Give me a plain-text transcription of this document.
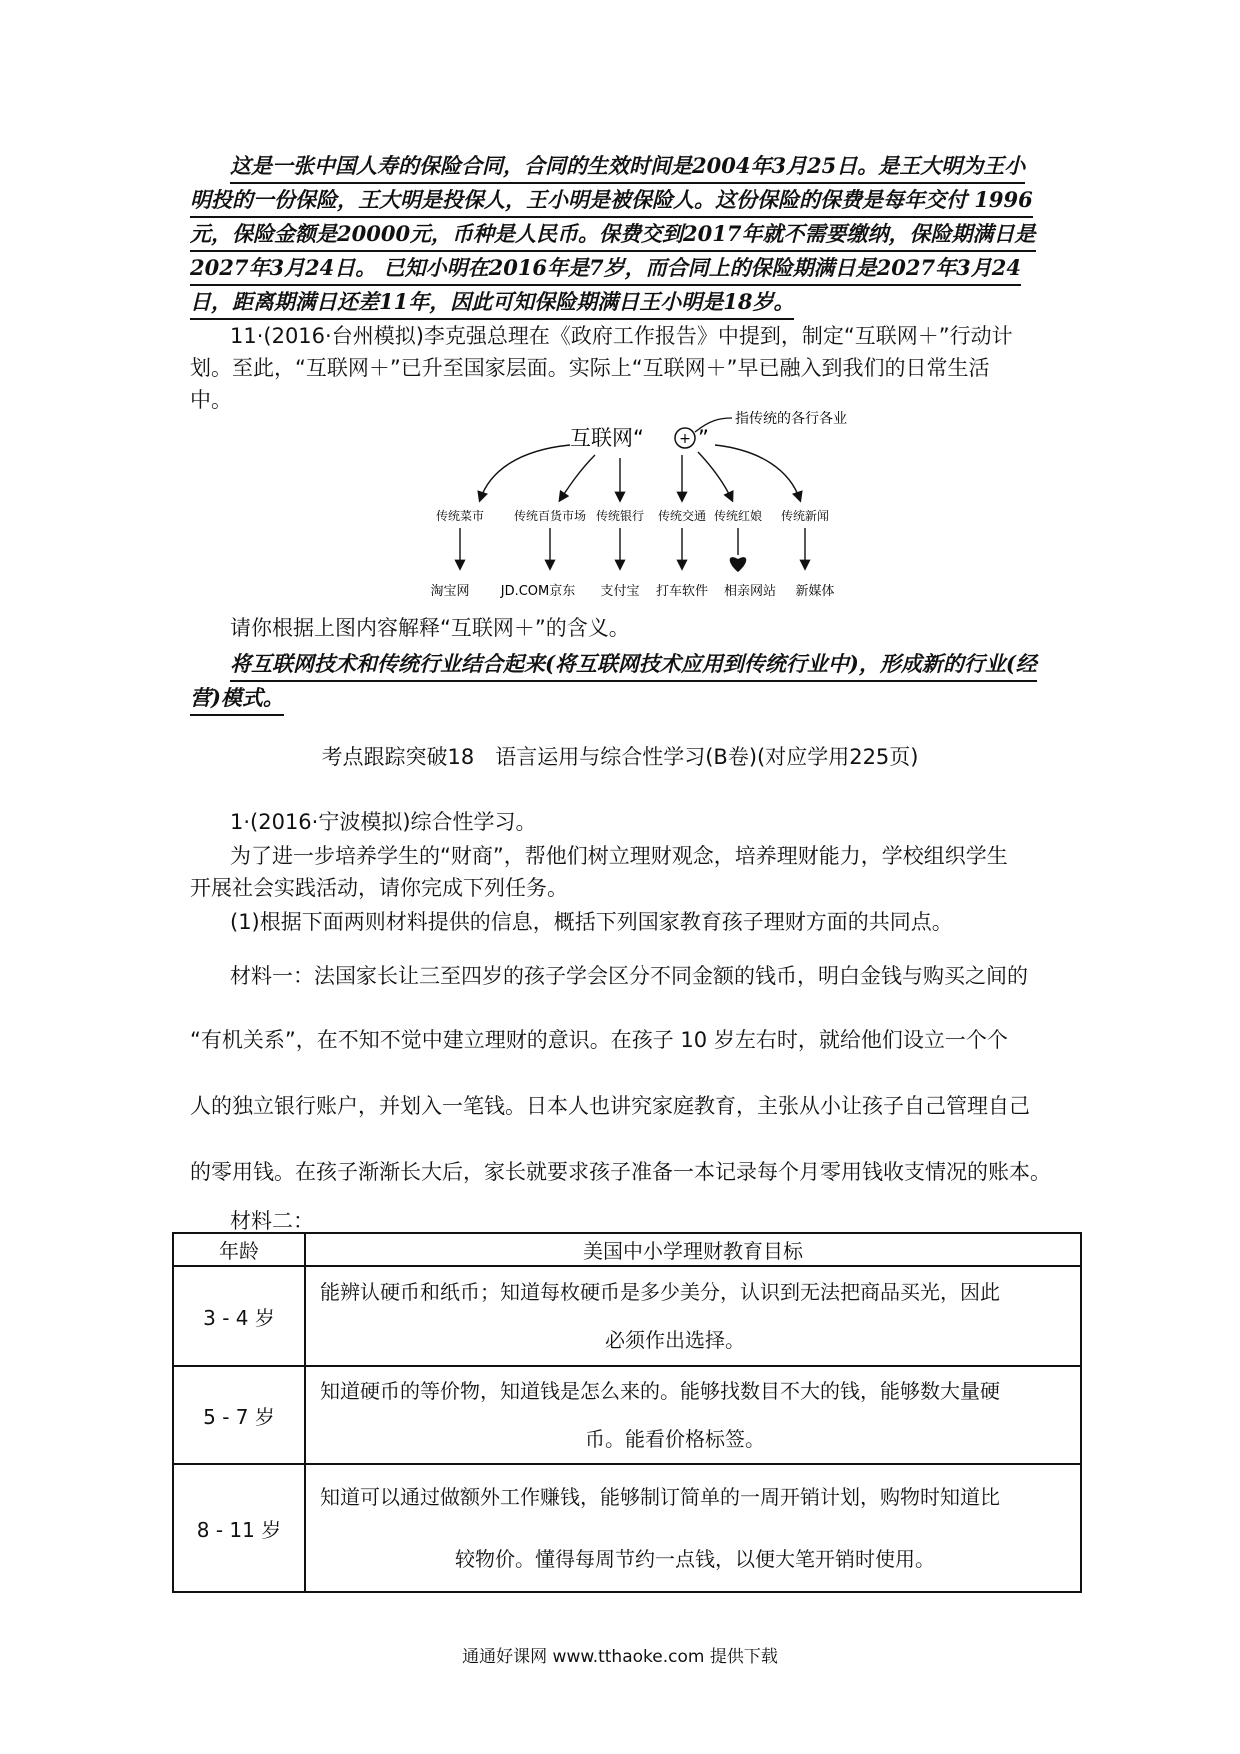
这是一张中国人寿的保险合同，合同的生效时间是2004年3月25日。是王大明为王小
明投的一份保险，王大明是投保人，王小明是被保险人。这份保险的保费是每年交付 1996
元，保险金额是20000元，币种是人民币。保费交到2017年就不需要缴纳，保险期满日是
2027年3月24日。 已知小明在2016年是7岁，而合同上的保险期满日是2027年3月24
日，距离期满日还差11年，因此可知保险期满日王小明是18岁。
11·(2016·台州模拟)李克强总理在《政府工作报告》中提到，制定“互联网＋”行动计
划。至此，“互联网＋”已升至国家层面。实际上“互联网＋”早已融入到我们的日常生活
中。
互联网“	+ ”
指传统的各行各业
传统菜市 传统百货市场 传统银行 传统交通 传统红娘 传统新闻
淘宝网 JD.COM京东 支付宝 打车软件 相亲网站 新媒体
请你根据上图内容解释“互联网＋”的含义。
将互联网技术和传统行业结合起来(将互联网技术应用到传统行业中)，形成新的行业(经
营)模式。
考点跟踪突破18　语言运用与综合性学习(B卷)(对应学用225页)
1·(2016·宁波模拟)综合性学习。
为了进一步培养学生的“财商”，帮他们树立理财观念，培养理财能力，学校组织学生
开展社会实践活动，请你完成下列任务。
(1)根据下面两则材料提供的信息，概括下列国家教育孩子理财方面的共同点。
材料一：法国家长让三至四岁的孩子学会区分不同金额的钱币，明白金钱与购买之间的
“有机关系”，在不知不觉中建立理财的意识。在孩子 10 岁左右时，就给他们设立一个个
人的独立银行账户，并划入一笔钱。日本人也讲究家庭教育，主张从小让孩子自己管理自己
的零用钱。在孩子渐渐长大后，家长就要求孩子准备一本记录每个月零用钱收支情况的账本。
材料二：
年龄	美国中小学理财教育目标
3 - 4 岁	能辨认硬币和纸币；知道每枚硬币是多少美分，认识到无法把商品买光，因此
必须作出选择。

5 - 7 岁	知道硬币的等价物，知道钱是怎么来的。能够找数目不大的钱，能够数大量硬
币。能看价格标签。

8 - 11 岁	知道可以通过做额外工作赚钱，能够制订简单的一周开销计划，购物时知道比
较物价。懂得每周节约一点钱，以便大笔开销时使用。
通通好课网 www.tthaoke.com 提供下载
